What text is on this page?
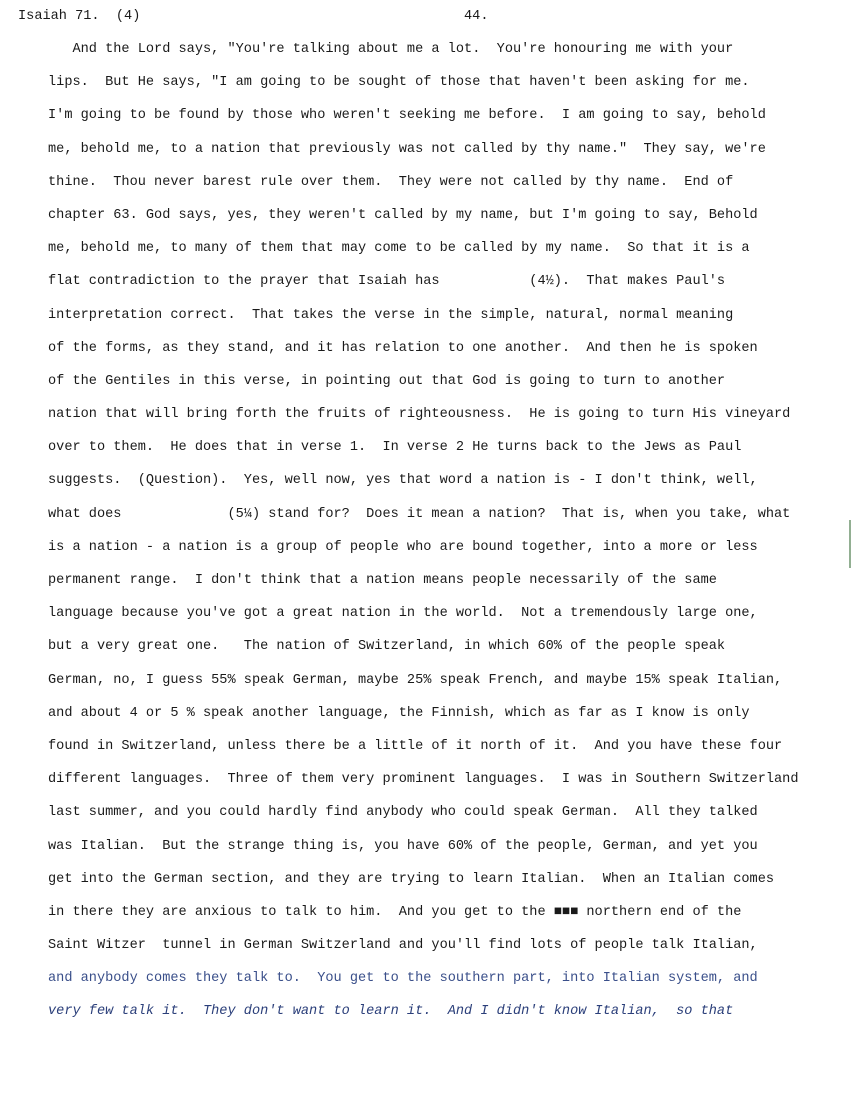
Isaiah 71.  (4)	44.
And the Lord says, "You're talking about me a lot.  You're honouring me with your
lips.  But He says, "I am going to be sought of those that haven't been asking for me.
I'm going to be found by those who weren't seeking me before.  I am going to say, behold
me, behold me, to a nation that previously was not called by thy name."  They say, we're
thine.  Thou never barest rule over them.  They were not called by thy name.  End of
chapter 63. God says, yes, they weren't called by my name, but I'm going to say, Behold
me, behold me, to many of them that may come to be called by my name.  So that it is a
flat contradiction to the prayer that Isaiah has           (4½).  That makes Paul's
interpretation correct.  That takes the verse in the simple, natural, normal meaning
of the forms, as they stand, and it has relation to one another.  And then he is spoken
of the Gentiles in this verse, in pointing out that God is going to turn to another
nation that will bring forth the fruits of righteousness.  He is going to turn His vineyard
over to them.  He does that in verse 1.  In verse 2 He turns back to the Jews as Paul
suggests.  (Question).  Yes, well now, yes that word a nation is - I don't think, well,
what does             (5¼) stand for?  Does it mean a nation?  That is, when you take, what
is a nation - a nation is a group of people who are bound together, into a more or less
permanent range.  I don't think that a nation means people necessarily of the same
language because you've got a great nation in the world.  Not a tremendously large one,
but a very great one.   The nation of Switzerland, in which 60% of the people speak
German, no, I guess 55% speak German, maybe 25% speak French, and maybe 15% speak Italian,
and about 4 or 5 % speak another language, the Finnish, which as far as I know is only
found in Switzerland, unless there be a little of it north of it.  And you have these four
different languages.  Three of them very prominent languages.  I was in Southern Switzerland
last summer, and you could hardly find anybody who could speak German.  All they talked
was Italian.  But the strange thing is, you have 60% of the people, German, and yet you
get into the German section, and they are trying to learn Italian.  When an Italian comes
in there they are anxious to talk to him.  And you get to the ■■■ northern end of the
Saint Witzer  tunnel in German Switzerland and you'll find lots of people talk Italian,
and anybody comes they talk to.  You get to the southern part, into Italian system, and
very few talk it.  They don't want to learn it.  And I didn't know Italian,  so that
